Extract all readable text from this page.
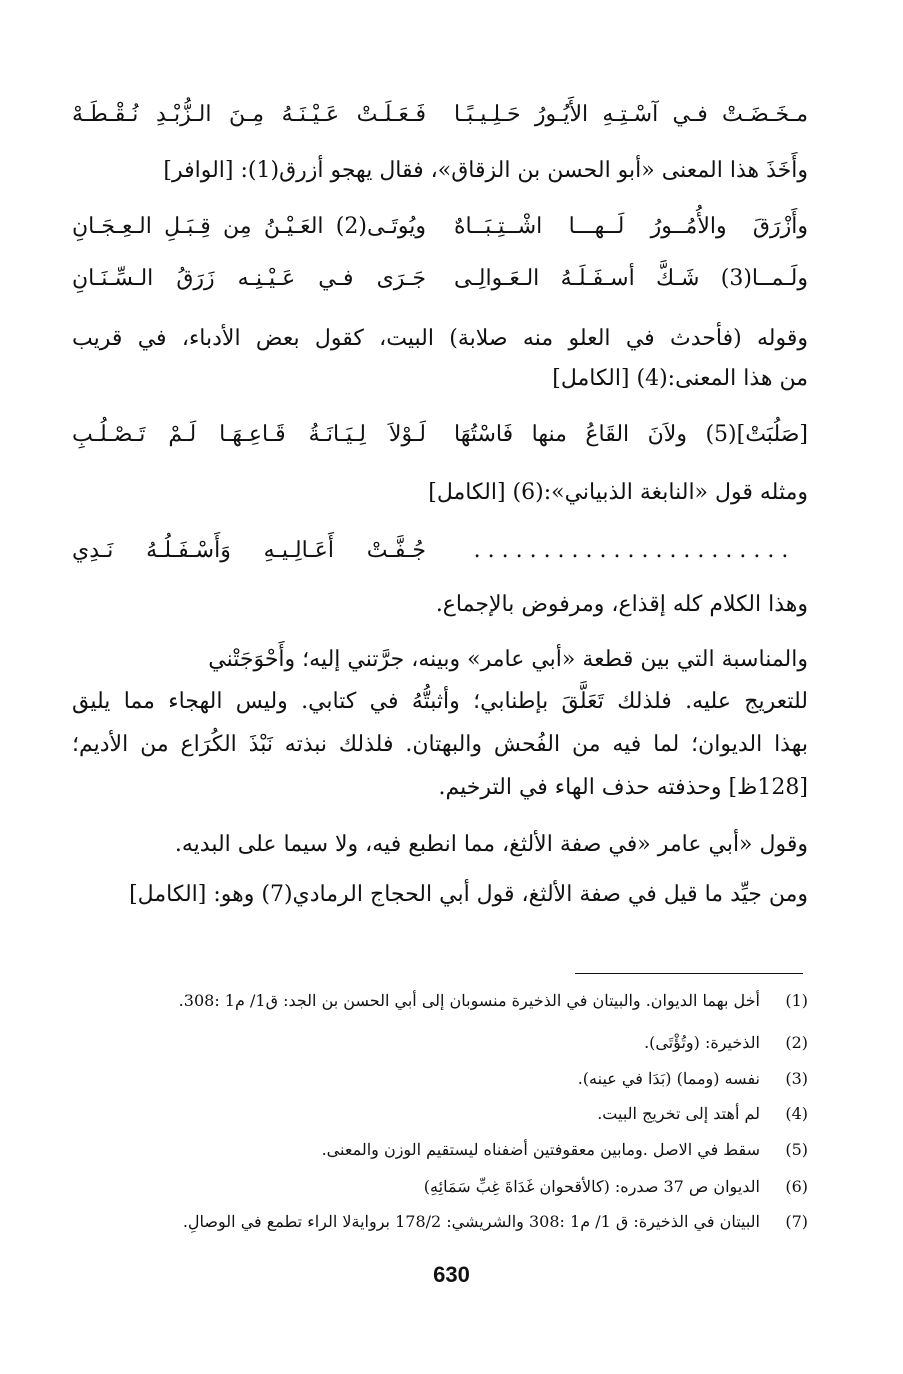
مـخَـضَـتْ فـي آسْـتِـهِ الأَيُـورُ حَـلِـيـبًـا
فَـعَـلَـتْ عَـيْـنَـهُ مِـنَ الـزُّبْـدِ نُـقْـطَـهْ
وأَخَذَ هذا المعنى «أبو الحسن بن الزقاق»، فقال يهجو أزرق(1): [الوافر]
وأَزْرَقَ والأُمُــورُ لَــهـــا اشْــتِـبَــاهٌ
ويُوتَـى(2) العَـيْـنُ مِن قِـبَـلِ الـعِـجَـانِ
ولَـمــا(3) شَـكَّ أسـفَـلَـهُ الـعَـوالِـى
جَـرَى فـي عَـيْـنِـه زَرَقُ الـسِّـنَـانِ
وقوله (فأحدث في العلو منه صلابة) البيت، كقول بعض الأدباء، في قريب
من هذا المعنى:(4) [الكامل]
[صَلُبَتْ](5) ولاَنَ القَاعُ منها فَاسْتُهَا
لَـوْلاَ لِـيَـانَـةُ قَـاعِـهَـا لَـمْ تَـصْـلُـبِ
ومثله قول «النابغة الذبياني»:(6) [الكامل]
. . . . . . . . . . . . . . . . . . . . . . .
جُـفَّـتْ أَعَـالِـيـهِ وَأَسْـفَـلُـهُ نَـدِي
وهذا الكلام كله إقذاع، ومرفوض بالإجماع.
والمناسبة التي بين قطعة «أبي عامر» وبينه، جرَّتني إليه؛ وأَحْوَجَتْني
للتعريج عليه. فلذلك تَعَلَّقَ بإطنابي؛ وأثبتُّهُ في كتابي. وليس الهجاء مما يليق
بهذا الديوان؛ لما فيه من الفُحش والبهتان. فلذلك نبذته نَبْذَ الكُرَاع من الأديم؛
[128ظ] وحذفته حذف الهاء في الترخيم.
وقول «أبي عامر «في صفة الألثغ، مما انطبع فيه، ولا سيما على البديه.
ومن جيِّد ما قيل في صفة الألثغ، قول أبي الحجاج الرمادي(7) وهو: [الكامل]
(1)
أخل بهما الديوان. والبيتان في الذخيرة منسوبان إلى أبي الحسن بن الجد: ق1/ م1 :308.
(2)
الذخيرة: (وتُؤْتَى).
(3)
نفسه (ومما) (بَدَا في عينه).
(4)
لم أهتد إلى تخريج البيت.
(5)
سقط في الاصل .ومابين معقوفتين أضفناه ليستقيم الوزن والمعنى.
(6)
الديوان ص 37 صدره: (كالأقحوان غَدَاةَ غِبِّ سَمَائِهِ)
(7)
البيتان في الذخيرة: ق 1/ م1 :308 والشريشي: 178/2 بروايةلا الراء تطمع في الوصالِ.
630
